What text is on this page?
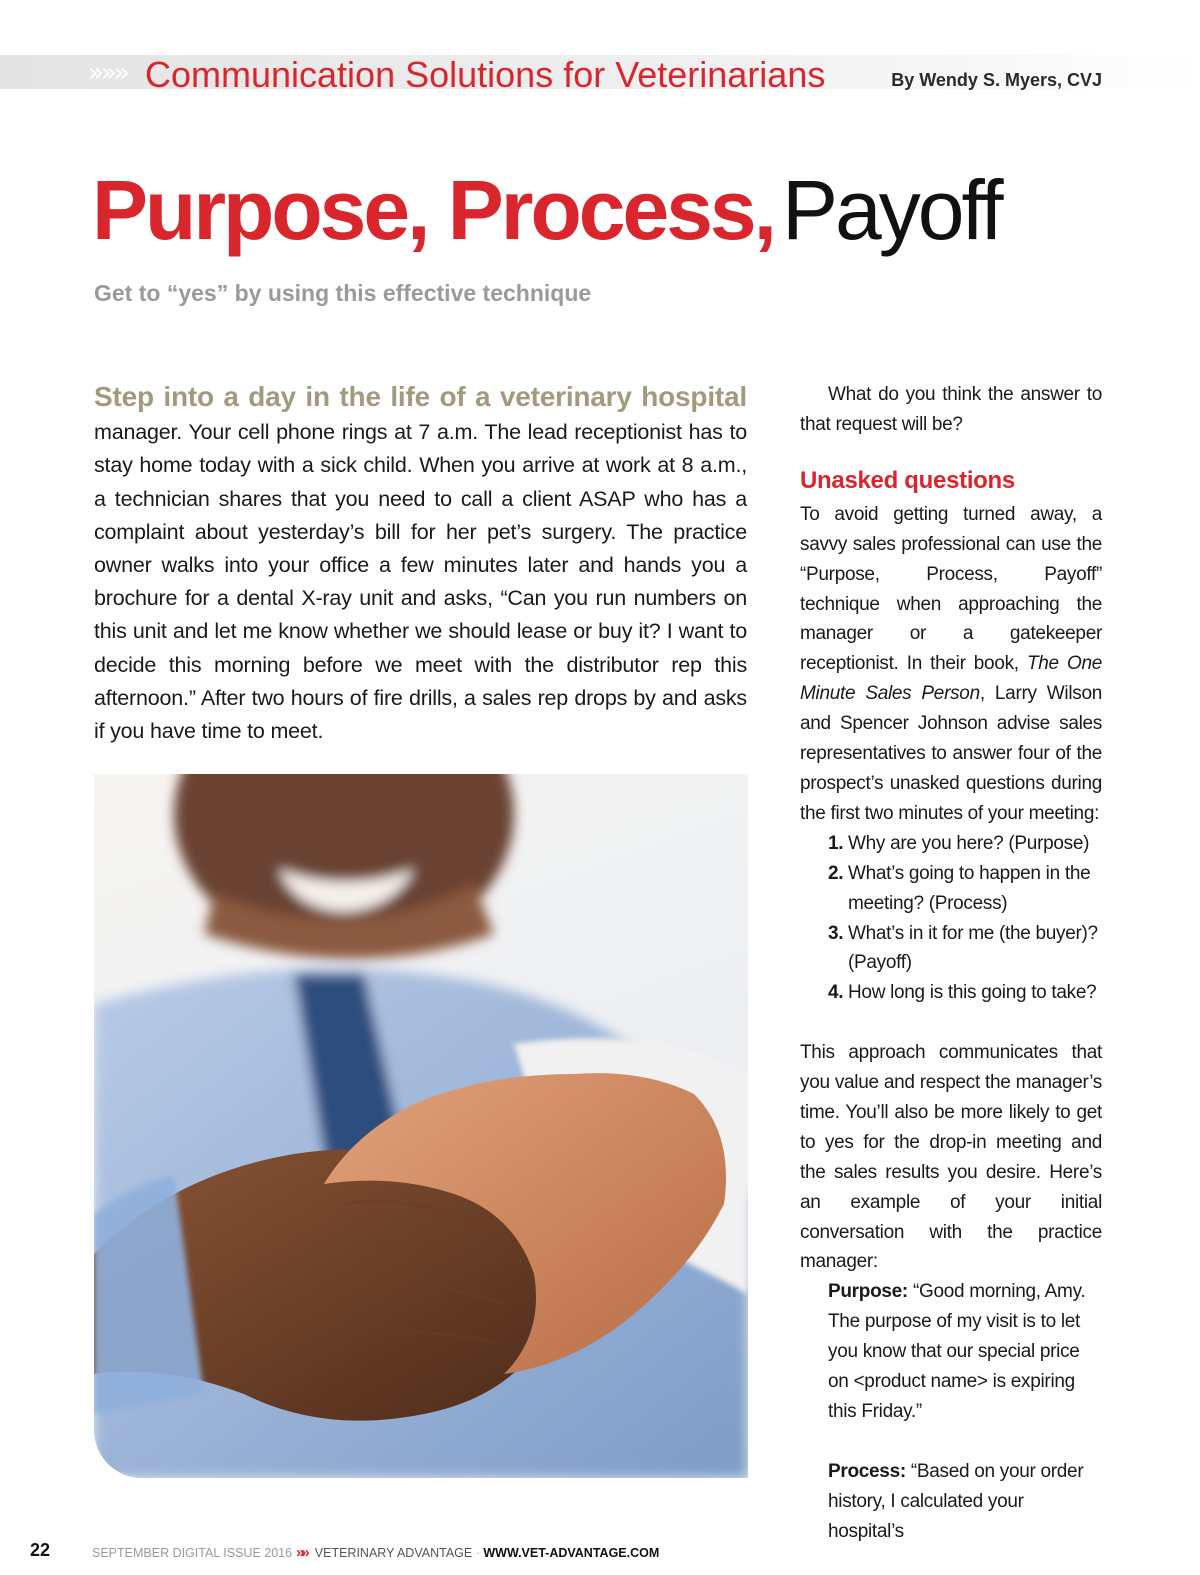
»»» Communication Solutions for Veterinarians	By Wendy S. Myers, CVJ
Purpose, Process,Payoff
Get to “yes” by using this effective technique
Step into a day in the life of a veterinary hospital manager. Your cell phone rings at 7 a.m. The lead receptionist has to stay home today with a sick child. When you arrive at work at 8 a.m., a technician shares that you need to call a client ASAP who has a complaint about yesterday’s bill for her pet’s surgery. The practice owner walks into your office a few minutes later and hands you a brochure for a dental X-ray unit and asks, “Can you run numbers on this unit and let me know whether we should lease or buy it? I want to decide this morning before we meet with the distributor rep this afternoon.” After two hours of fire drills, a sales rep drops by and asks if you have time to meet.

What do you think the answer to that request will be?

Unasked questions

To avoid getting turned away, a savvy sales professional can use the “Purpose, Process, Payoff” technique when approaching the manager or a gatekeeper receptionist. In their book, The One Minute Sales Person, Larry Wilson and Spencer Johnson advise sales representatives to answer four of the prospect’s unasked questions during the first two minutes of your meeting:

1. Why are you here? (Purpose)
2. What’s going to happen in the meeting? (Process)
3. What’s in it for me (the buyer)? (Payoff)
4. How long is this going to take?

This approach communicates that you value and respect the manager’s time. You’ll also be more likely to get to yes for the drop-in meeting and the sales results you desire. Here’s an example of your initial conversation with the practice manager:

Purpose: “Good morning, Amy. The purpose of my visit is to let you know that our special price on <product name> is expiring this Friday.”
Process: “Based on your order history, I calculated your hospital’s
22	SEPTEMBER DIGITAL ISSUE 2016 »» VETERINARY ADVANTAGE · WWW.VET-ADVANTAGE.COM
